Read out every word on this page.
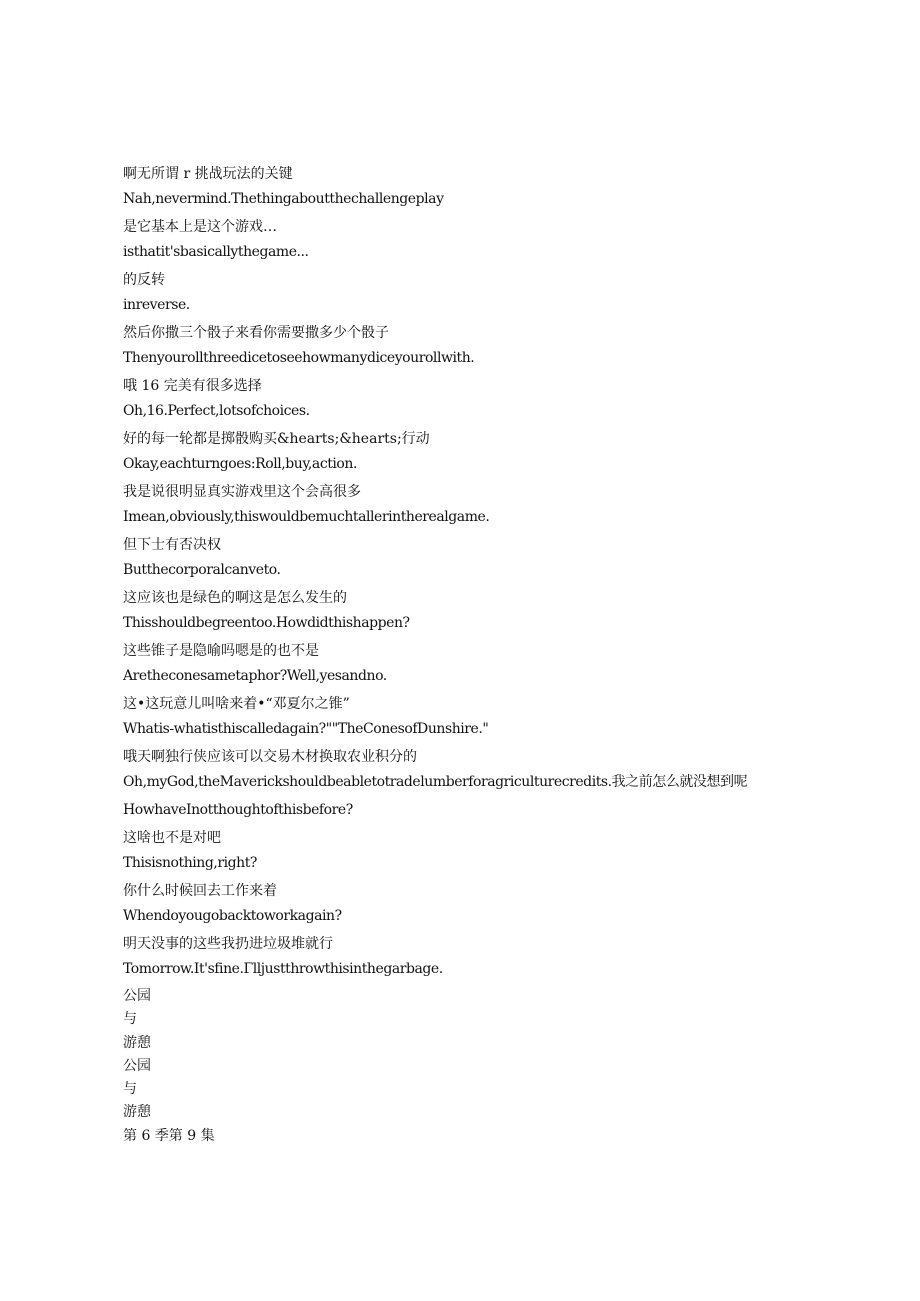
啊无所谓 r 挑战玩法的关键
Nah,nevermind.Thethingaboutthechallengeplay
是它基本上是这个游戏…
isthatit'sbasicallythegame...
的反转
inreverse.
然后你撒三个骰子来看你需要撒多少个骰子
Thenyourollthreedicetoseehowmanydiceyourollwith.
哦 16 完美有很多选择
Oh,16.Perfect,lotsofchoices.
好的每一轮都是掷骰购买&hearts;&hearts;行动
Okay,eachturngoes:Roll,buy,action.
我是说很明显真实游戏里这个会高很多
Imean,obviously,thiswouldbemuchtallerintherealgame.
但下士有否决权
Butthecorporalcanveto.
这应该也是绿色的啊这是怎么发生的
Thisshouldbegreentoo.Howdidthishappen?
这些锥子是隐喻吗嗯是的也不是
Aretheconesametaphor?Well,yesandno.
这•这玩意儿叫啥来着•“邓夏尔之锥”
Whatis-whatisthiscalledagain?""TheConesofDunshire."
哦天啊独行侠应该可以交易木材换取农业积分的
Oh,myGod,theMaverickshouldbeabletotradelumberforagriculturecredits.我之前怎么就没想到呢
HowhaveInotthoughtofthisbefore?
这啥也不是对吧
Thisisnothing,right?
你什么时候回去工作来着
Whendoyougobacktoworkagain?
明天没事的这些我扔进垃圾堆就行
Tomorrow.It'sfine.Γlljustthrowthisinthegarbage.
公园
与
游憩
公园
与
游憩
第 6 季第 9 集
